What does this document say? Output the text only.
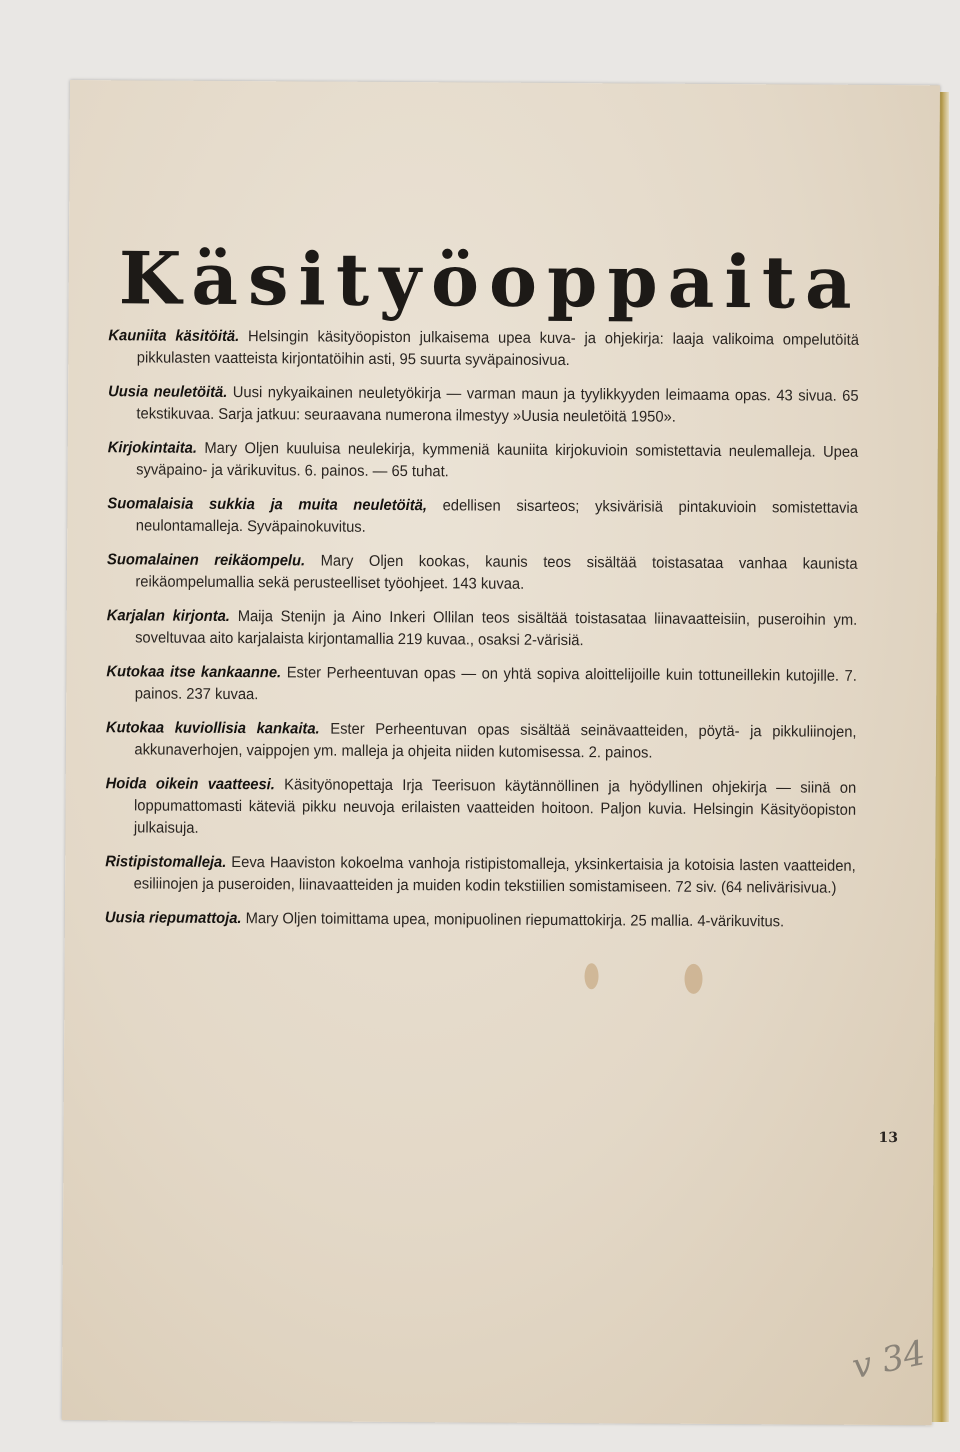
Käsityöoppaita
Kauniita käsitöitä. Helsingin käsityöopiston julkaisema upea kuva- ja ohjekirja: laaja valikoima ompelutöitä pikkulasten vaatteista kirjontatöihin asti, 95 suurta syväpainosivua.
Uusia neuletöitä. Uusi nykyaikainen neuletyökirja — varman maun ja tyylikkyyden leimaama opas. 43 sivua. 65 tekstikuvaa. Sarja jatkuu: seuraavana numerona ilmestyy »Uusia neuletöitä 1950».
Kirjokintaita. Mary Oljen kuuluisa neulekirja, kymmeniä kauniita kirjokuvioin somistettavia neulemalleja. Upea syväpaino- ja värikuvitus. 6. painos. — 65 tuhat.
Suomalaisia sukkia ja muita neuletöitä, edellisen sisarteos; yksivärisiä pintakuvioin somistettavia neulontamalleja. Syväpainokuvitus.
Suomalainen reikäompelu. Mary Oljen kookas, kaunis teos sisältää toistasataa vanhaa kaunista reikäompelumallia sekä perusteelliset työohjeet. 143 kuvaa.
Karjalan kirjonta. Maija Stenijn ja Aino Inkeri Ollilan teos sisältää toistasataa liinavaatteisiin, puseroihin ym. soveltuvaa aito karjalaista kirjontamallia 219 kuvaa., osaksi 2-värisiä.
Kutokaa itse kankaanne. Ester Perheentuvan opas — on yhtä sopiva aloittelijoille kuin tottuneillekin kutojille. 7. painos. 237 kuvaa.
Kutokaa kuviollisia kankaita. Ester Perheentuvan opas sisältää seinävaatteiden, pöytä- ja pikkuliinojen, akkunaverhojen, vaippojen ym. malleja ja ohjeita niiden kutomisessa. 2. painos.
Hoida oikein vaatteesi. Käsityönopettaja Irja Teerisuon käytännöllinen ja hyödyllinen ohjekirja — siinä on loppumattomasti käteviä pikku neuvoja erilaisten vaatteiden hoitoon. Paljon kuvia. Helsingin Käsityöopiston julkaisuja.
Ristipistomalleja. Eeva Haaviston kokoelma vanhoja ristipistomalleja, yksinkertaisia ja kotoisia lasten vaatteiden, esiliinojen ja puseroiden, liinavaatteiden ja muiden kodin tekstiilien somistamiseen. 72 siv. (64 nelivärisivua.)
Uusia riepumattoja. Mary Oljen toimittama upea, monipuolinen riepumattokirja. 25 mallia. 4-värikuvitus.
13
v 34
